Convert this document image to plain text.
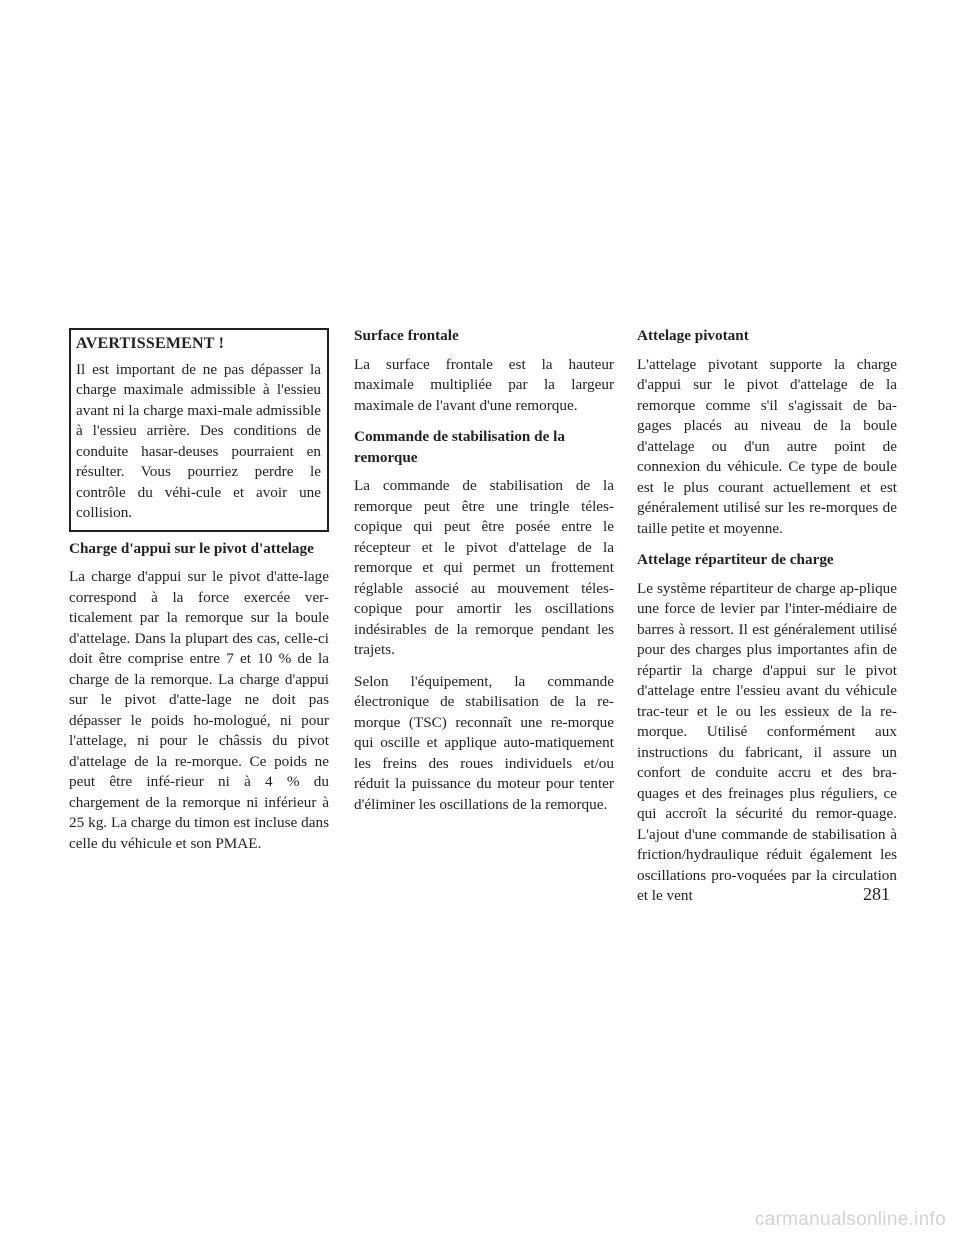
AVERTISSEMENT !

Il est important de ne pas dépasser la charge maximale admissible à l'essieu avant ni la charge maxi-male admissible à l'essieu arrière. Des conditions de conduite hasar-deuses pourraient en résulter. Vous pourriez perdre le contrôle du véhi-cule et avoir une collision.

Charge d'appui sur le pivot d'attelage

La charge d'appui sur le pivot d'atte-lage correspond à la force exercée ver-ticalement par la remorque sur la boule d'attelage. Dans la plupart des cas, celle-ci doit être comprise entre 7 et 10 % de la charge de la remorque. La charge d'appui sur le pivot d'atte-lage ne doit pas dépasser le poids ho-mologué, ni pour l'attelage, ni pour le châssis du pivot d'attelage de la re-morque. Ce poids ne peut être infé-rieur ni à 4 % du chargement de la remorque ni inférieur à 25 kg. La charge du timon est incluse dans celle du véhicule et son PMAE.

Surface frontale

La surface frontale est la hauteur maximale multipliée par la largeur maximale de l'avant d'une remorque.

Commande de stabilisation de la remorque

La commande de stabilisation de la remorque peut être une tringle téles-copique qui peut être posée entre le récepteur et le pivot d'attelage de la remorque et qui permet un frottement réglable associé au mouvement téles-copique pour amortir les oscillations indésirables de la remorque pendant les trajets.

Selon l'équipement, la commande électronique de stabilisation de la re-morque (TSC) reconnaît une re-morque qui oscille et applique auto-matiquement les freins des roues individuels et/ou réduit la puissance du moteur pour tenter d'éliminer les oscillations de la remorque.

Attelage pivotant

L'attelage pivotant supporte la charge d'appui sur le pivot d'attelage de la remorque comme s'il s'agissait de ba-gages placés au niveau de la boule d'attelage ou d'un autre point de connexion du véhicule. Ce type de boule est le plus courant actuellement et est généralement utilisé sur les re-morques de taille petite et moyenne.

Attelage répartiteur de charge

Le système répartiteur de charge ap-plique une force de levier par l'inter-médiaire de barres à ressort. Il est généralement utilisé pour des charges plus importantes afin de répartir la charge d'appui sur le pivot d'attelage entre l'essieu avant du véhicule trac-teur et le ou les essieux de la re-morque. Utilisé conformément aux instructions du fabricant, il assure un confort de conduite accru et des bra-quages et des freinages plus réguliers, ce qui accroît la sécurité du remor-quage. L'ajout d'une commande de stabilisation à friction/hydraulique réduit également les oscillations pro-voquées par la circulation et le vent	281
carmanualsonline.info
